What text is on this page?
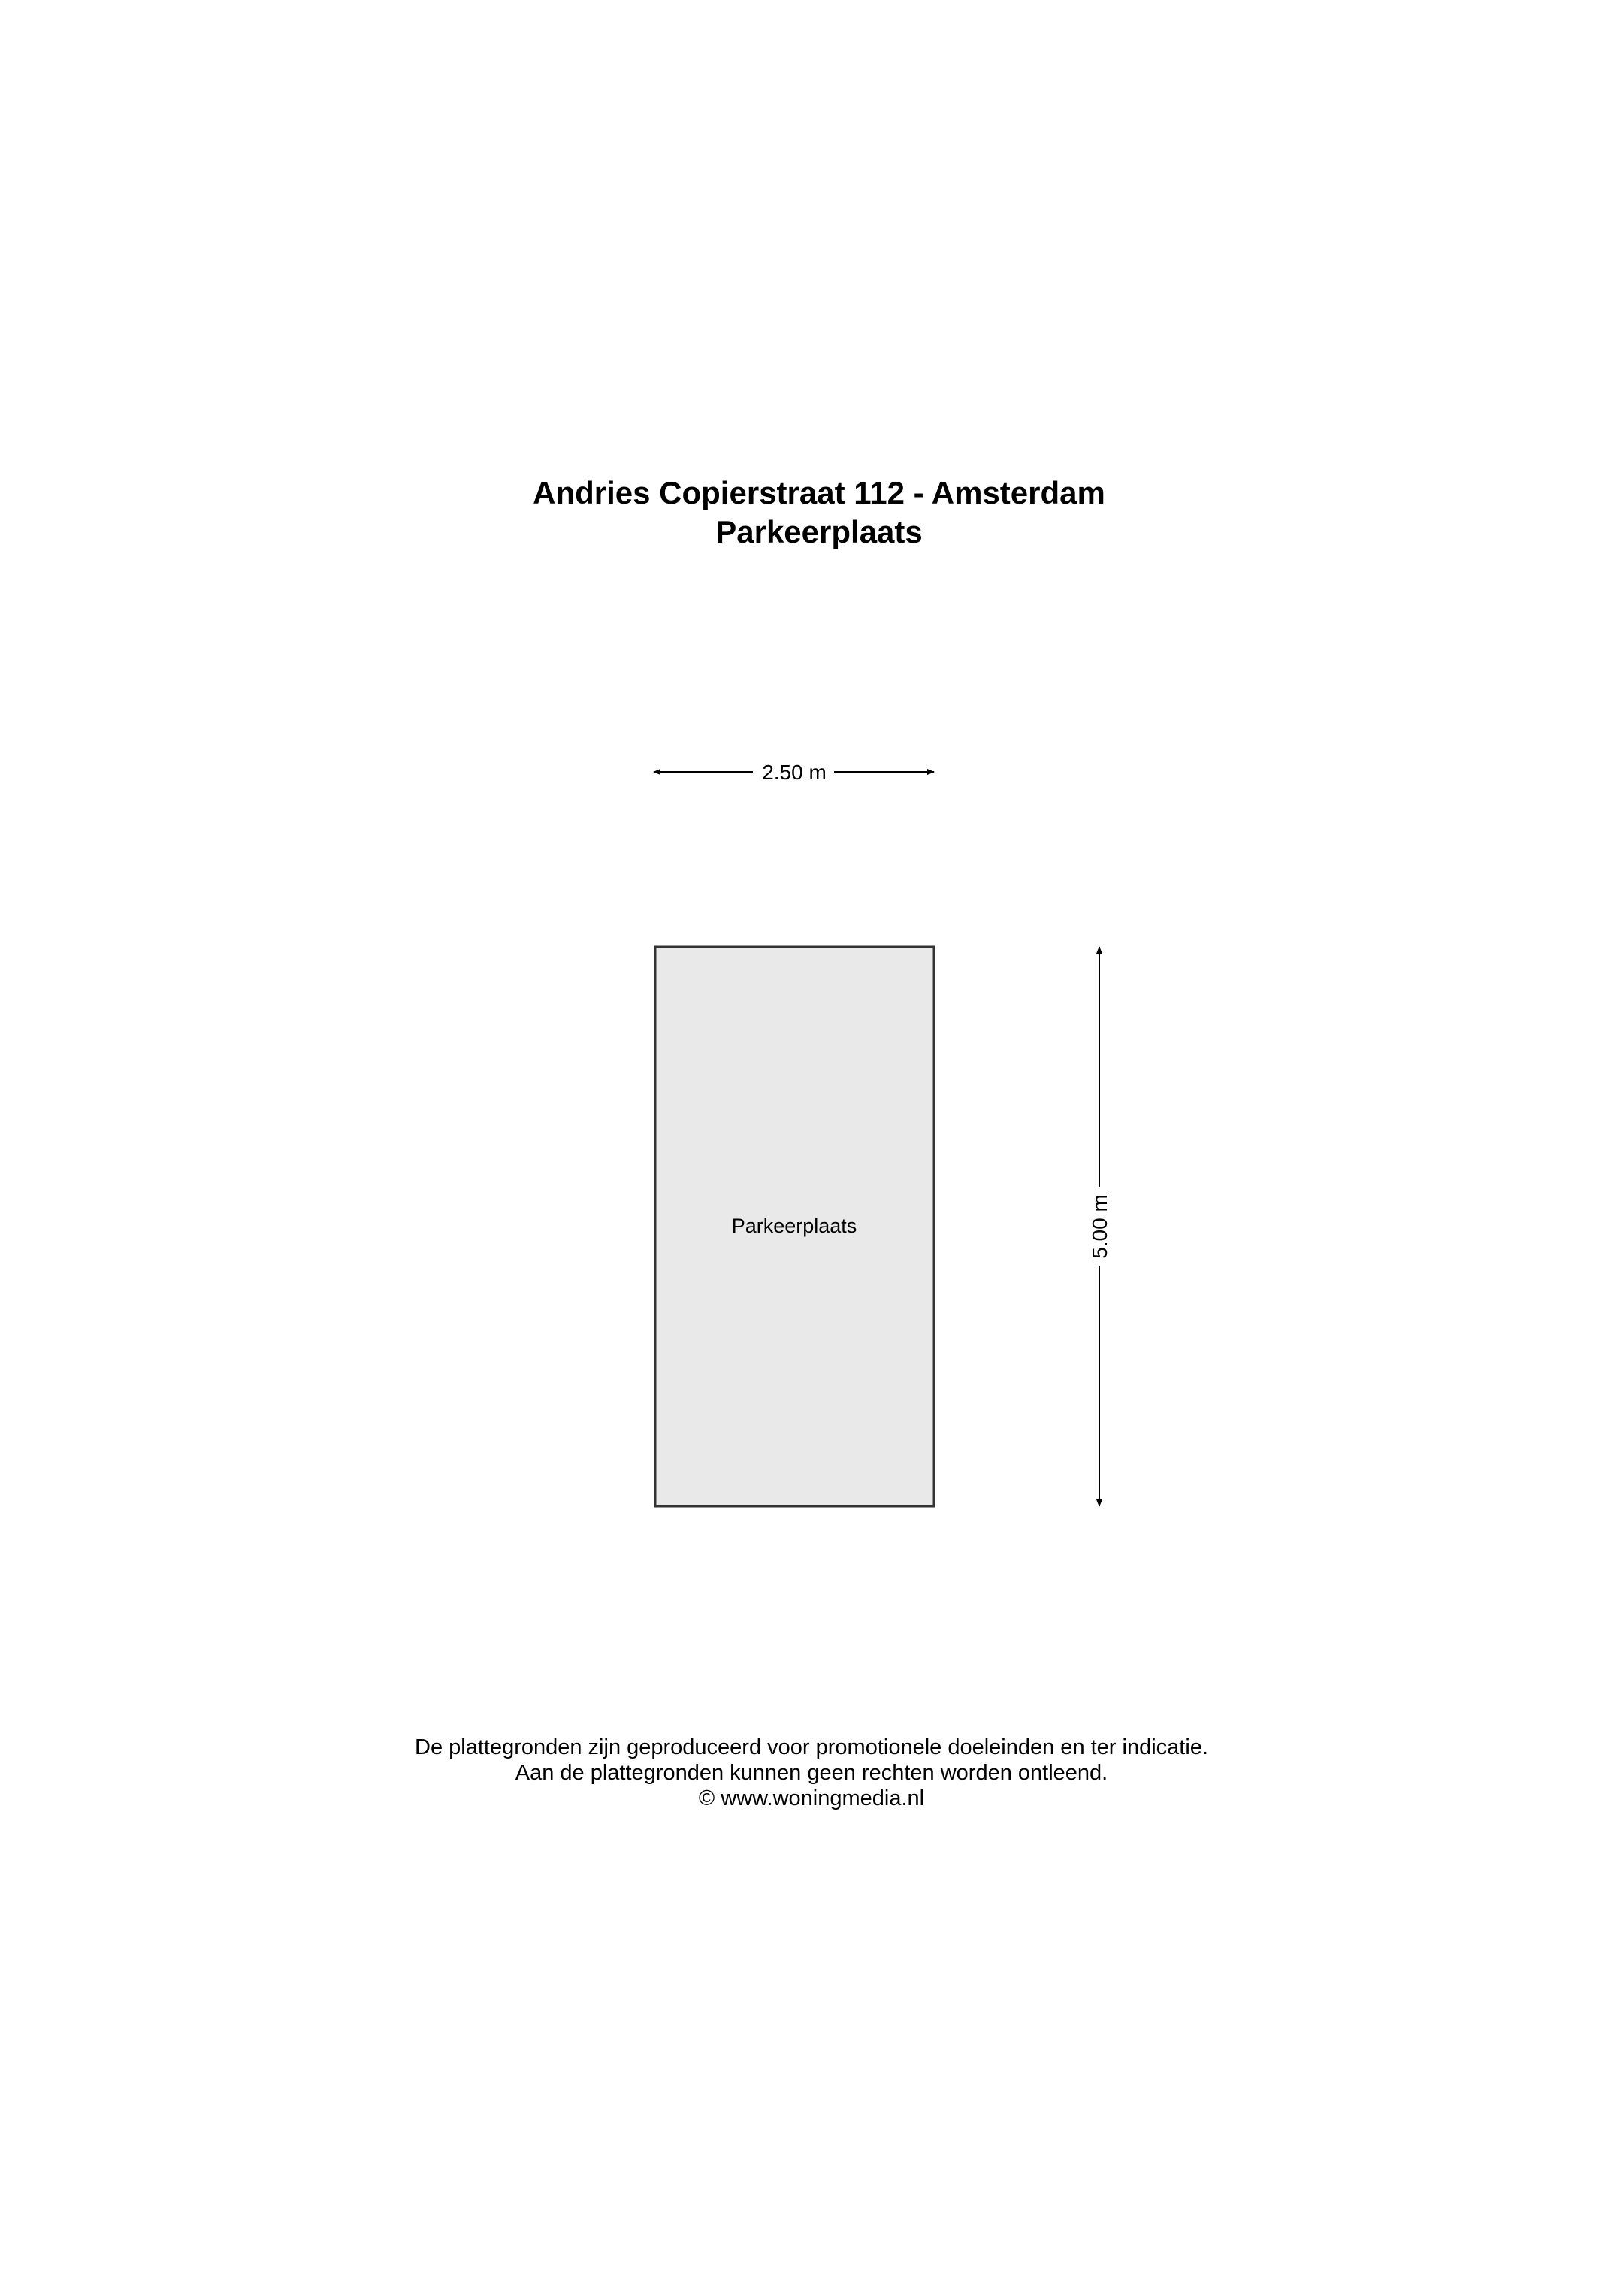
Andries Copierstraat 112 - Amsterdam
Parkeerplaats
2.50 m
Parkeerplaats	5.00 m
De plattegronden zijn geproduceerd voor promotionele doeleinden en ter indicatie.
Aan de plattegronden kunnen geen rechten worden ontleend.
© www.woningmedia.nl
